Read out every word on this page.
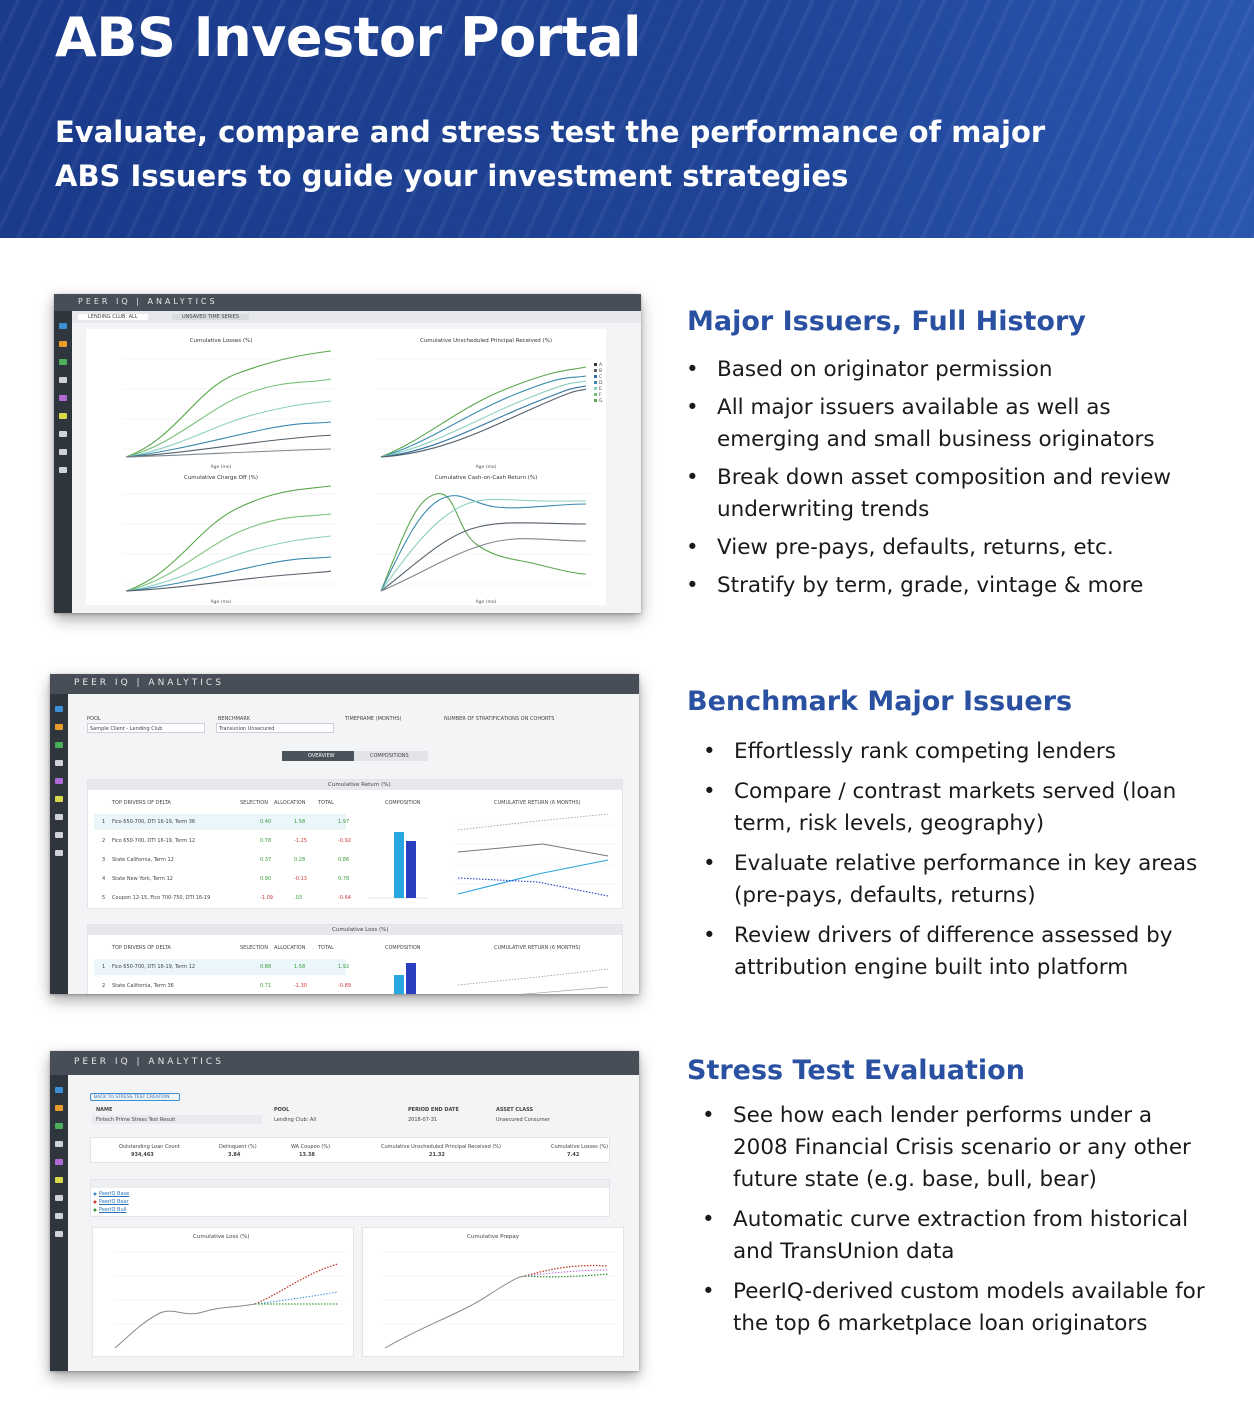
ABS Investor Portal
Evaluate, compare and stress test the performance of major ABS Issuers to guide your investment strategies
PEER IQ | ANALYTICS
LENDING CLUB: ALL	UNSAVED TIME SERIES
Cumulative Losses (%)	Cumulative Unscheduled Principal Received (%)
Cumulative Charge Off (%)	Cumulative Cash-on-Cash Return (%)
Age (mo)	Age (mo)
Age (mo)	Age (mo)
A
B
C
D
E
F
G
Major Issuers, Full History
• Based on originator permission
• All major issuers available as well as emerging and small business originators
• Break down asset composition and review underwriting trends
• View pre-pays, defaults, returns, etc.
• Stratify by term, grade, vintage & more
PEER IQ | ANALYTICS
POOL	BENCHMARK	TIMEFRAME (MONTHS)	NUMBER OF STRATIFICATIONS ON COHORTS
Sample Client - Lending Club	Transunion Unsecured
OVERVIEW	COMPOSITIONS
Cumulative Return (%)
TOP DRIVERS OF DELTA	SELECTION ALLOCATION	TOTAL	COMPOSITION	CUMULATIVE RETURN (6 MONTHS)
1 Fico 650-700, DTI 16-19, Term 36	0.40	1.58	1.97
2 Fico 650-700, DTI 16-19, Term 12	0.78	-1.25	-0.92
3 State California, Term 12	0.37	0.28	0.86
4 State New York, Term 12	0.90	-0.13	0.78
5 Coupon 12-15, Fico 700-750, DTI 16-19	-1.09	.03	-0.64
Cumulative Loss (%)
TOP DRIVERS OF DELTA	SELECTION ALLOCATION	TOTAL	COMPOSITION	CUMULATIVE RETURN (6 MONTHS)
1 Fico 650-700, DTI 16-19, Term 12	0.88	1.58	1.92
2 State California, Term 36	0.71	-1.30	-0.89
Benchmark Major Issuers
• Effortlessly rank competing lenders
• Compare / contrast markets served (loan term, risk levels, geography)
• Evaluate relative performance in key areas (pre-pays, defaults, returns)
• Review drivers of difference assessed by attribution engine built into platform
PEER IQ | ANALYTICS
BACK TO STRESS TEST CREATION
NAME	POOL	PERIOD END DATE	ASSET CLASS
Fintech Prime Stress Test Result	Lending Club: All	2018-07-31	Unsecured Consumer
Outstanding Loan Count
934,463
Delinquent (%)
3.84
WA Coupon (%)
13.38
Cumulative Unscheduled Principal Received (%)
21.32
Cumulative Losses (%)
7.42
PeerIQ Base
PeerIQ Bear
PeerIQ Bull
Cumulative Loss (%)	Cumulative Prepay
Stress Test Evaluation
• See how each lender performs under a 2008 Financial Crisis scenario or any other future state (e.g. base, bull, bear)
• Automatic curve extraction from historical and TransUnion data
• PeerIQ-derived custom models available for the top 6 marketplace loan originators
